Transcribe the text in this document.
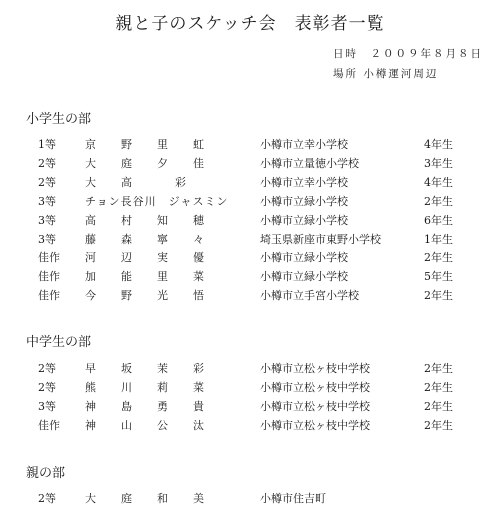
親と子のスケッチ会　表彰者一覧
日時　２００９年８月８日
場所 小樽運河周辺
小学生の部
1等	京　野　里　虹	小樽市立幸小学校	4年生
2等	大　庭　夕　佳	小樽市立量徳小学校	3年生
2等	大　高　　彩	小樽市立幸小学校	4年生
3等	チョン長谷川　ジャスミン	小樽市立緑小学校	2年生
3等	高　村　知　穂	小樽市立緑小学校	6年生
3等	藤　森　寧　々	埼玉県新座市東野小学校	1年生
佳作 河　辺　実　優	小樽市立緑小学校	2年生
佳作 加　能　里　菜	小樽市立緑小学校	5年生
佳作 今　野　光　悟	小樽市立手宮小学校	2年生
中学生の部
2等	早　坂　茉　彩	小樽市立松ヶ枝中学校	2年生
2等	熊　川　莉　菜	小樽市立松ヶ枝中学校	2年生
3等	神　島　勇　貴	小樽市立松ヶ枝中学校	2年生
佳作 神　山　公　汰	小樽市立松ヶ枝中学校	2年生
親の部
2等	大　庭　和　美	小樽市住吉町
